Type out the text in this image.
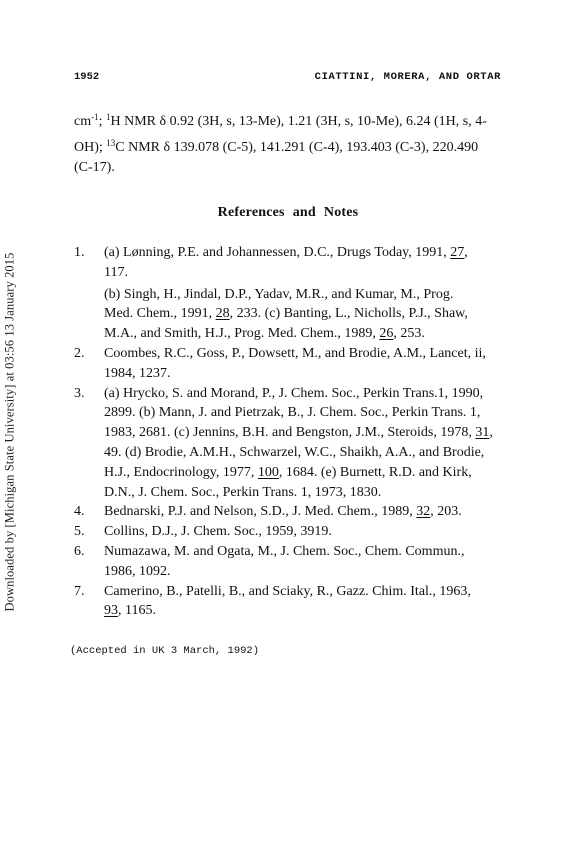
Downloaded by [Michigan State University] at 03:56 13 January 2015
1952	CIATTINI, MORERA, AND ORTAR
$cm^{-1}$; $^1$H NMR δ 0.92 (3H, s, 13-Me), 1.21 (3H, s, 10-Me), 6.24 (1H, s, 4-
OH); $^{13}$C NMR δ 139.078 (C-5), 141.291 (C-4), 193.403 (C-3), 220.490
(C-17).
References and Notes
1. (a) Lønning, P.E. and Johannessen, D.C., Drugs Today, 1991, 27,
117.
(b) Singh, H., Jindal, D.P., Yadav, M.R., and Kumar, M., Prog.
Med. Chem., 1991, 28, 233. (c) Banting, L., Nicholls, P.J., Shaw,
M.A., and Smith, H.J., Prog. Med. Chem., 1989, 26, 253.
2. Coombes, R.C., Goss, P., Dowsett, M., and Brodie, A.M., Lancet, ii,
1984, 1237.
3. (a) Hrycko, S. and Morand, P., J. Chem. Soc., Perkin Trans.1, 1990,
2899. (b) Mann, J. and Pietrzak, B., J. Chem. Soc., Perkin Trans. 1,
1983, 2681. (c) Jennins, B.H. and Bengston, J.M., Steroids, 1978, 31,
49. (d) Brodie, A.M.H., Schwarzel, W.C., Shaikh, A.A., and Brodie,
H.J., Endocrinology, 1977, 100, 1684. (e) Burnett, R.D. and Kirk,
D.N., J. Chem. Soc., Perkin Trans. 1, 1973, 1830.
4. Bednarski, P.J. and Nelson, S.D., J. Med. Chem., 1989, 32, 203.
5. Collins, D.J., J. Chem. Soc., 1959, 3919.
6. Numazawa, M. and Ogata, M., J. Chem. Soc., Chem. Commun.,
1986, 1092.
7. Camerino, B., Patelli, B., and Sciaky, R., Gazz. Chim. Ital., 1963,
93, 1165.
(Accepted in UK 3 March, 1992)
